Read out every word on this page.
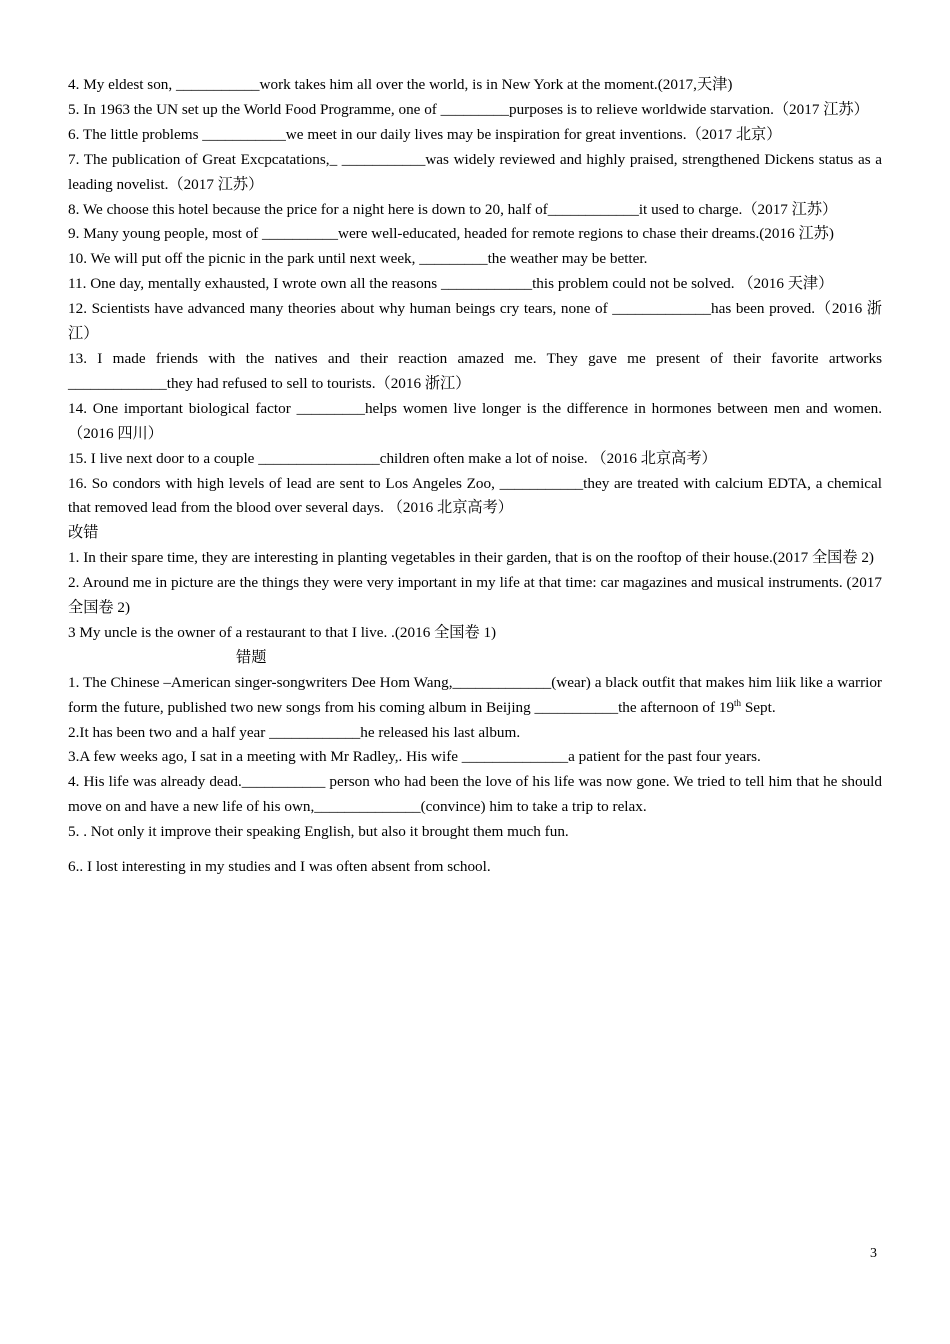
4. My eldest son, ___________work takes him all over the world, is in New York at the moment.(2017,天津)

5. In 1963 the UN set up the World Food Programme, one of _________purposes is to relieve worldwide starvation.（2017 江苏）

6. The little problems ___________we meet in our daily lives may be inspiration for great inventions.（2017 北京）

7. The publication of Great Excpcatations,_ ___________was widely reviewed and highly praised, strengthened Dickens status as a leading novelist.（2017 江苏）

8. We choose this hotel because the price for a night here is down to 20, half of____________it used to charge.（2017 江苏）

9. Many young people, most of __________were well-educated, headed for remote regions to chase their dreams.(2016 江苏)

10. We will put off the picnic in the park until next week, _________the weather may be better.

11. One day, mentally exhausted, I wrote own all the reasons ____________this problem could not be solved. （2016 天津）

12. Scientists have advanced many theories about why human beings cry tears, none of _____________has been proved.（2016 浙江）

13. I made friends with the natives and their reaction amazed me. They gave me present of their favorite artworks _____________they had refused to sell to tourists.（2016 浙江）

14. One important biological factor _________helps women live longer is the difference in hormones between men and women.（2016 四川）

15. I live next door to a couple ________________children often make a lot of noise. （2016 北京高考）

16. So condors with high levels of lead are sent to Los Angeles Zoo, ___________they are treated with calcium EDTA, a chemical that removed lead from the blood over several days. （2016 北京高考）

改错

1. In their spare time, they are interesting in planting vegetables in their garden, that is on the rooftop of their house.(2017 全国卷 2)

2. Around me in picture are the things they were very important in my life at that time: car magazines and musical instruments. (2017 全国卷 2)

3 My uncle is the owner of a restaurant to that I live. .(2016 全国卷 1)

错题

1. The Chinese –American singer-songwriters Dee Hom Wang,_____________(wear) a black outfit that makes him liik like a warrior form the future, published two new songs from his coming album in Beijing ___________the afternoon of 19th Sept.

2.It has been two and a half year ____________he released his last album.

3.A few weeks ago, I sat in a meeting with Mr Radley,. His wife ______________a patient for the past four years.

4. His life was already dead.___________ person who had been the love of his life was now gone. We tried to tell him that he should move on and have a new life of his own,______________(convince) him to take a trip to relax.

5. . Not only it improve their speaking English, but also it brought them much fun.

6.. I lost interesting in my studies and I was often absent from school.

3
